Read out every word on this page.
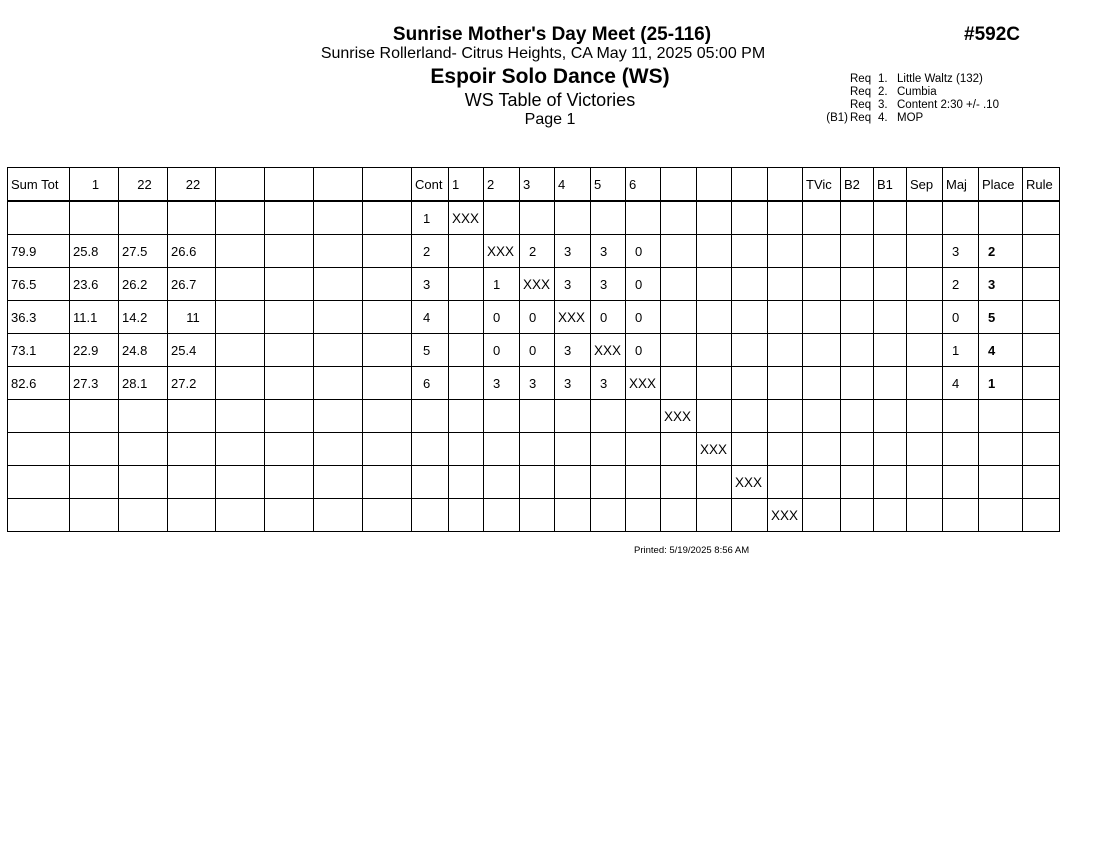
Sunrise Mother's Day Meet (25-116)	#592C
Sunrise Rollerland- Citrus Heights, CA May 11, 2025 05:00 PM
Espoir Solo Dance (WS)
WS Table of Victories
Page 1
Req 1. Little Waltz (132)
Req 2. Cumbia
Req 3. Content 2:30 +/- .10
(B1) Req 4. MOP
Sum Tot	1	22	22					Cont	1	2	3	4	5	6					TVic	B2	B1	Sep	Maj	Place	Rule
								1	XXX																
79.9	25.8	27.5	26.6					2		XXX	2	3	3	0									3	2	
76.5	23.6	26.2	26.7					3		1	XXX	3	3	0									2	3	
36.3	11.1	14.2	11					4		0	0	XXX	0	0									0	5	
73.1	22.9	24.8	25.4					5		0	0	3	XXX	0									1	4	
82.6	27.3	28.1	27.2					6		3	3	3	3	XXX									4	1	
															XXX										
																XXX									
																	XXX								
																		XXX							
Printed: 5/19/2025 8:56 AM
